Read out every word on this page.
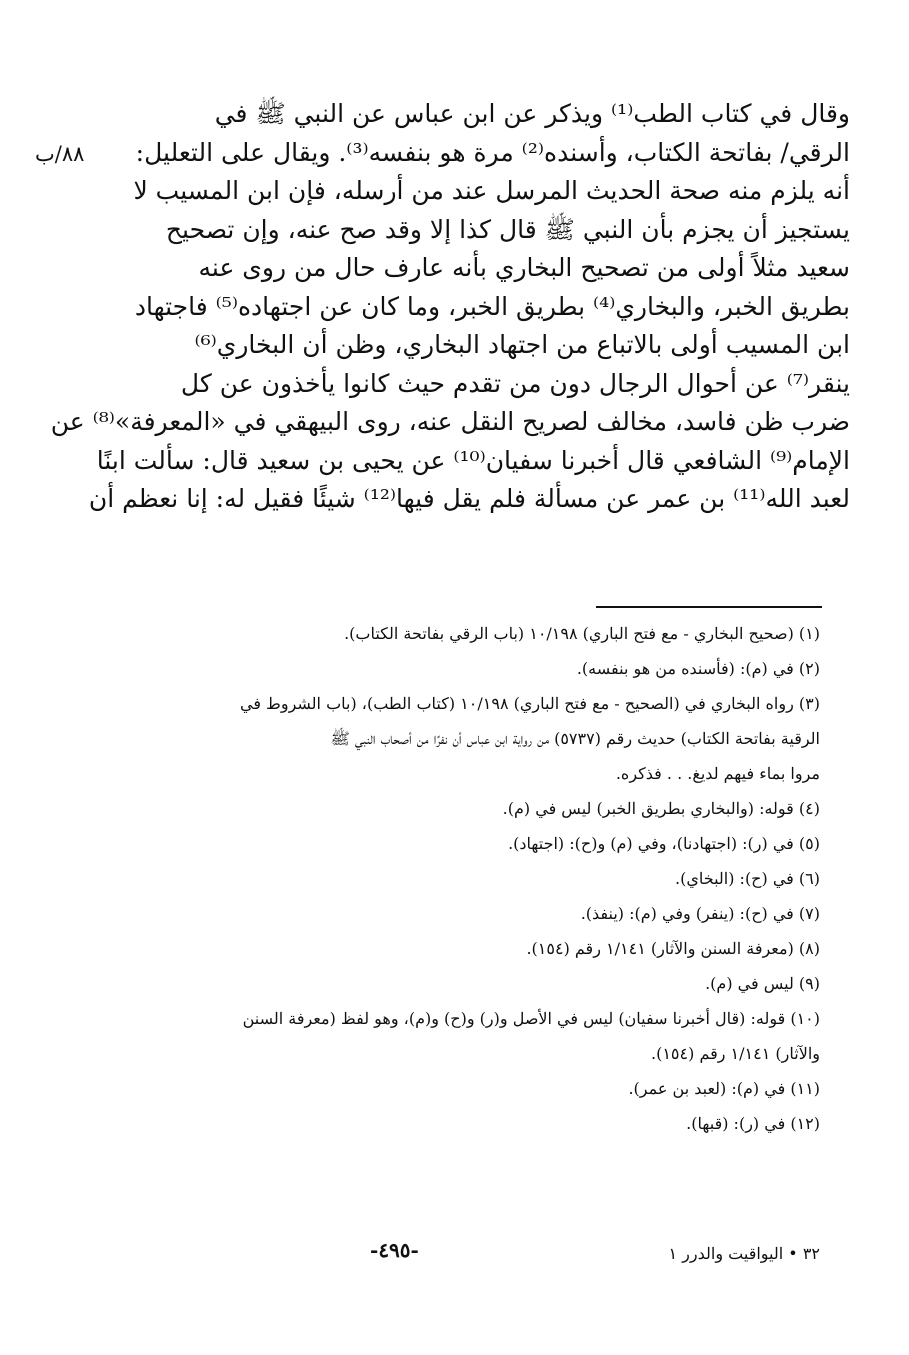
٨٨/ب
وقال في كتاب الطب⁽¹⁾ ويذكر عن ابن عباس عن النبي ﷺ في
الرقي/ بفاتحة الكتاب، وأسنده⁽²⁾ مرة هو بنفسه⁽³⁾. ويقال على التعليل:
أنه يلزم منه صحة الحديث المرسل عند من أرسله، فإن ابن المسيب لا
يستجيز أن يجزم بأن النبي ﷺ قال كذا إلا وقد صح عنه، وإن تصحيح
سعيد مثلاً أولى من تصحيح البخاري بأنه عارف حال من روى عنه
بطريق الخبر، والبخاري⁽⁴⁾ بطريق الخبر، وما كان عن اجتهاده⁽⁵⁾ فاجتهاد
ابن المسيب أولى بالاتباع من اجتهاد البخاري، وظن أن البخاري⁽⁶⁾
ينقر⁽⁷⁾ عن أحوال الرجال دون من تقدم حيث كانوا يأخذون عن كل
ضرب ظن فاسد، مخالف لصريح النقل عنه، روى البيهقي في «المعرفة»⁽⁸⁾ عن
الإمام⁽⁹⁾ الشافعي قال أخبرنا سفيان⁽¹⁰⁾ عن يحيى بن سعيد قال: سألت ابنًا
لعبد الله⁽¹¹⁾ بن عمر عن مسألة فلم يقل فيها⁽¹²⁾ شيئًا فقيل له: إنا نعظم أن
(١) (صحيح البخاري - مع فتح الباري) ١٠/١٩٨ (باب الرقي بفاتحة الكتاب).
(٢) في (م): (فأسنده من هو بنفسه).
(٣) رواه البخاري في (الصحيح - مع فتح الباري) ١٠/١٩٨ (كتاب الطب)، (باب الشروط في
الرقية بفاتحة الكتاب) حديث رقم (٥٧٣٧) من رواية ابن عباس أن نفرًا من أصحاب النبي ﷺ
مروا بماء فيهم لديغ. . . فذكره.
(٤) قوله: (والبخاري بطريق الخبر) ليس في (م).
(٥) في (ر): (اجتهادنا)، وفي (م) و(ح): (اجتهاد).
(٦) في (ح): (البخاي).
(٧) في (ح): (ينفر) وفي (م): (ينفذ).
(٨) (معرفة السنن والآثار) ١/١٤١ رقم (١٥٤).
(٩) ليس في (م).
(١٠) قوله: (قال أخبرنا سفيان) ليس في الأصل و(ر) و(ح) و(م)، وهو لفظ (معرفة السنن
والآثار) ١/١٤١ رقم (١٥٤).
(١١) في (م): (لعبد بن عمر).
(١٢) في (ر): (قبها).
٣٢ • اليواقيت والدرر ١
-٤٩٥-
